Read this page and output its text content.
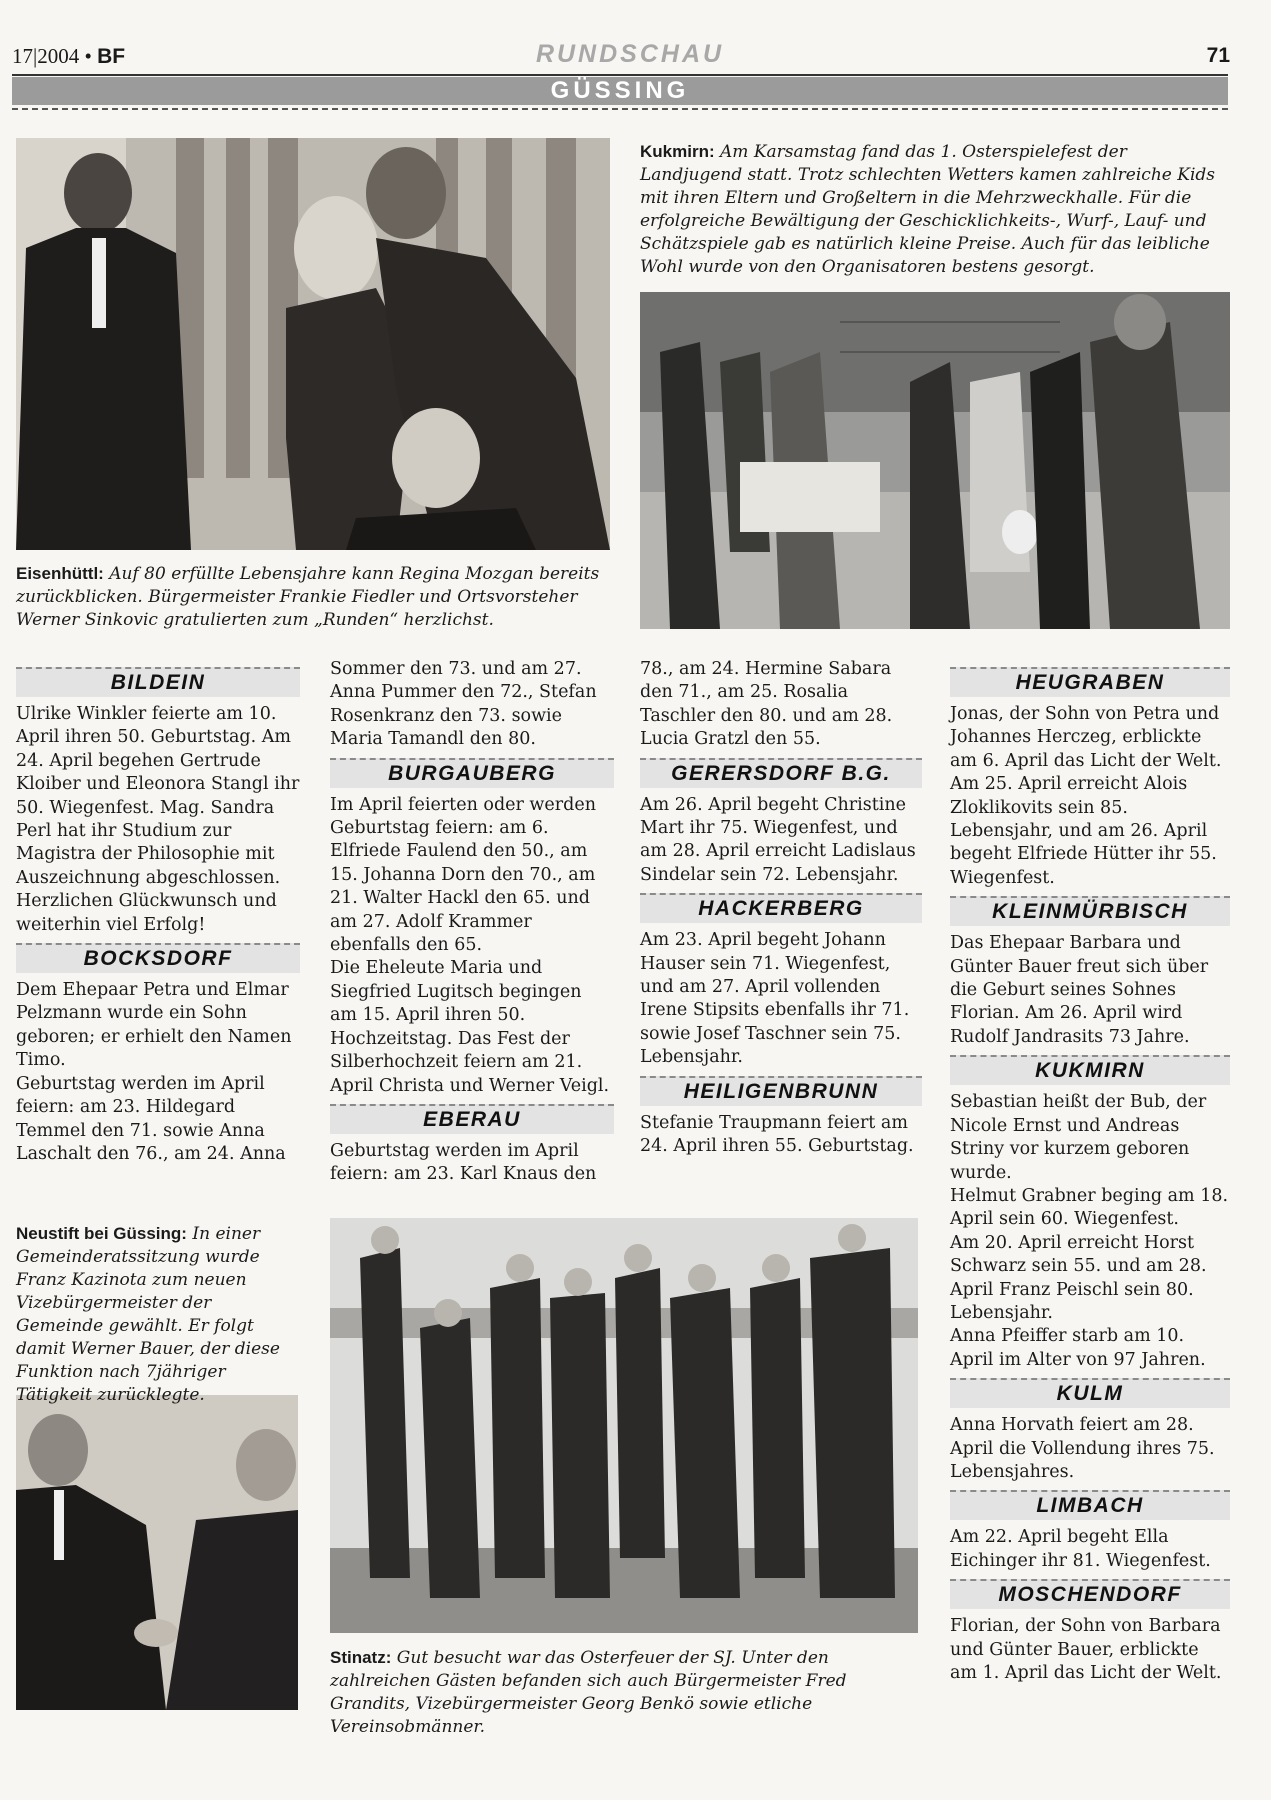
17|2004 • BF	RUNDSCHAU	71
GÜSSING
Kukmirn: Am Karsamstag fand das 1. Osterspielefest der Landjugend statt. Trotz schlechten Wetters kamen zahlreiche Kids mit ihren Eltern und Großeltern in die Mehrzweckhalle. Für die erfolgreiche Bewältigung der Geschicklichkeits-, Wurf-, Lauf- und Schätzspiele gab es natürlich kleine Preise. Auch für das leibliche Wohl wurde von den Organisatoren bestens gesorgt.
Eisenhüttl: Auf 80 erfüllte Lebensjahre kann Regina Mozgan bereits zurückblicken. Bürgermeister Frankie Fiedler und Ortsvorsteher Werner Sinkovic gratulierten zum „Runden“ herzlichst.
Neustift bei Güssing: In einer Gemeinderatssitzung wurde Franz Kazinota zum neuen Vizebürgermeister der Gemeinde gewählt. Er folgt damit Werner Bauer, der diese Funktion nach 7jähriger Tätigkeit zurücklegte.
Stinatz: Gut besucht war das Osterfeuer der SJ. Unter den zahlreichen Gästen befanden sich auch Bürgermeister Fred Grandits, Vizebürgermeister Georg Benkö sowie etliche Vereinsobmänner.
BILDEIN

Ulrike Winkler feierte am 10. April ihren 50. Geburtstag. Am 24. April begehen Gertrude Kloiber und Eleonora Stangl ihr 50. Wiegenfest. Mag. Sandra Perl hat ihr Studium zur Magistra der Philosophie mit Auszeichnung abgeschlossen. Herzlichen Glückwunsch und weiterhin viel Erfolg!

BOCKSDORF

Dem Ehepaar Petra und Elmar Pelzmann wurde ein Sohn geboren; er erhielt den Namen Timo.

Geburtstag werden im April feiern: am 23. Hildegard Temmel den 71. sowie Anna Laschalt den 76., am 24. Anna

Sommer den 73. und am 27. Anna Pummer den 72., Stefan Rosenkranz den 73. sowie Maria Tamandl den 80.

BURGAUBERG

Im April feierten oder werden Geburtstag feiern: am 6. Elfriede Faulend den 50., am 15. Johanna Dorn den 70., am 21. Walter Hackl den 65. und am 27. Adolf Krammer ebenfalls den 65.

Die Eheleute Maria und Siegfried Lugitsch begingen am 15. April ihren 50. Hochzeitstag. Das Fest der Silberhochzeit feiern am 21. April Christa und Werner Veigl.

EBERAU

Geburtstag werden im April feiern: am 23. Karl Knaus den

78., am 24. Hermine Sabara den 71., am 25. Rosalia Taschler den 80. und am 28. Lucia Gratzl den 55.

GERERSDORF B.G.

Am 26. April begeht Christine Mart ihr 75. Wiegenfest, und am 28. April erreicht Ladislaus Sindelar sein 72. Lebensjahr.

HACKERBERG

Am 23. April begeht Johann Hauser sein 71. Wiegenfest, und am 27. April vollenden Irene Stipsits ebenfalls ihr 71. sowie Josef Taschner sein 75. Lebensjahr.

HEILIGENBRUNN

Stefanie Traupmann feiert am 24. April ihren 55. Geburtstag.

HEUGRABEN

Jonas, der Sohn von Petra und Johannes Herczeg, erblickte am 6. April das Licht der Welt. Am 25. April erreicht Alois Zloklikovits sein 85. Lebensjahr, und am 26. April begeht Elfriede Hütter ihr 55. Wiegenfest.

KLEINMÜRBISCH

Das Ehepaar Barbara und Günter Bauer freut sich über die Geburt seines Sohnes Florian. Am 26. April wird Rudolf Jandrasits 73 Jahre.

KUKMIRN

Sebastian heißt der Bub, der Nicole Ernst und Andreas Striny vor kurzem geboren wurde.

Helmut Grabner beging am 18. April sein 60. Wiegenfest.

Am 20. April erreicht Horst Schwarz sein 55. und am 28. April Franz Peischl sein 80. Lebensjahr.

Anna Pfeiffer starb am 10. April im Alter von 97 Jahren.

KULM

Anna Horvath feiert am 28. April die Vollendung ihres 75. Lebensjahres.

LIMBACH

Am 22. April begeht Ella Eichinger ihr 81. Wiegenfest.

MOSCHENDORF

Florian, der Sohn von Barbara und Günter Bauer, erblickte am 1. April das Licht der Welt.
